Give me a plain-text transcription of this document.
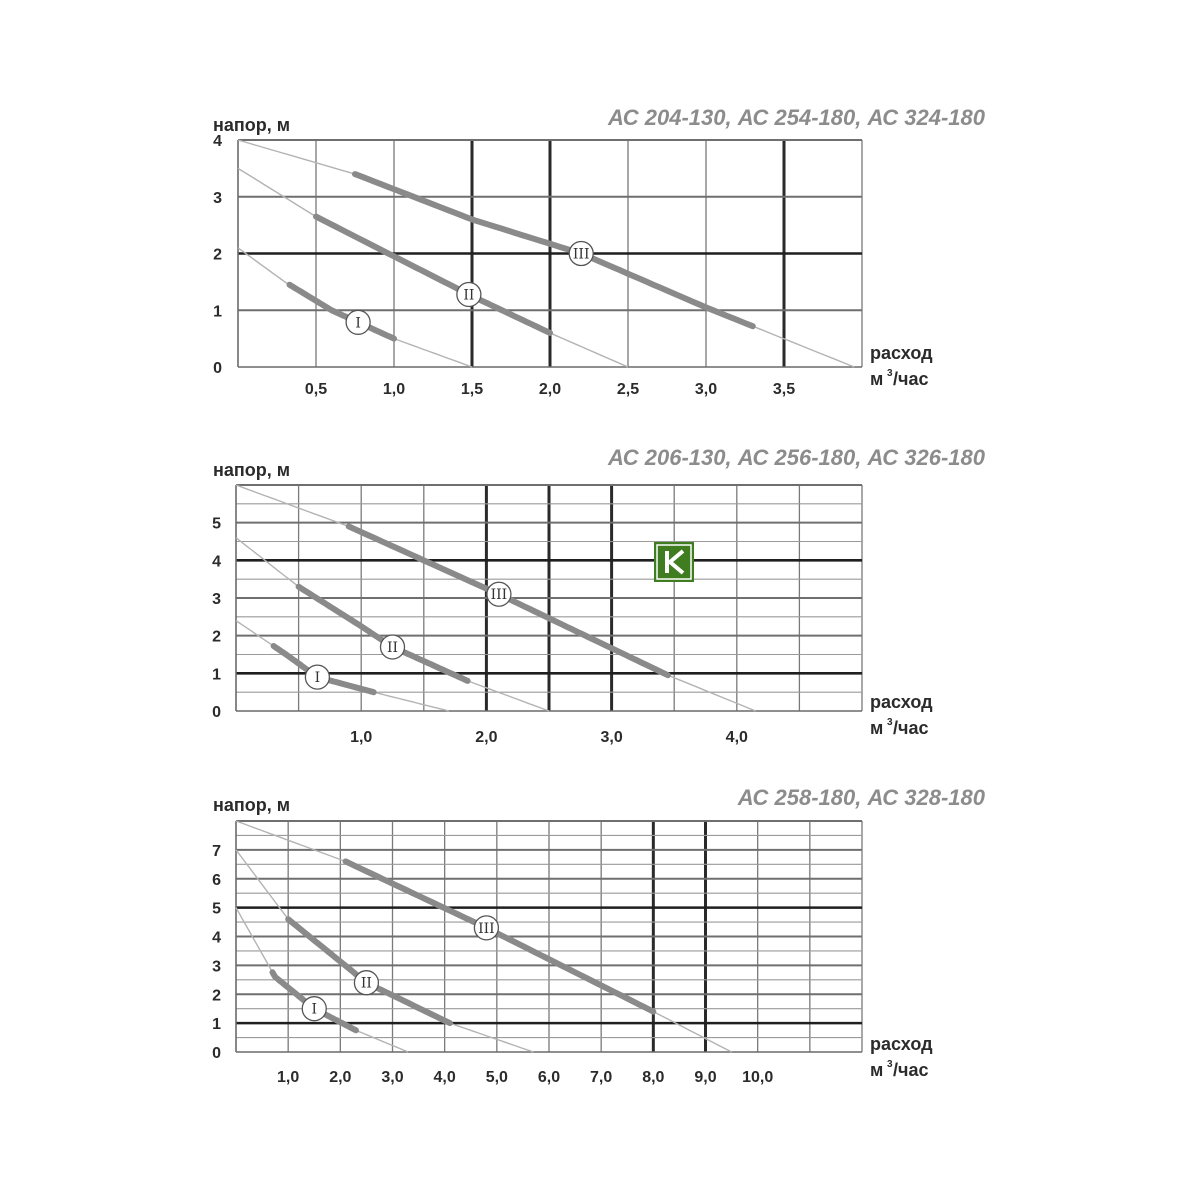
АС 204-130, АС 254-180, АС 324-180
напор, м
расход
м 3 /час
0,5	1,0	1,5	2,0	2,5	3,0	3,5
0
1
2
3
4
I
II
III
АС 206-130, АС 256-180, АС 326-180
напор, м
расход
м 3 /час
1,0	2,0	3,0	4,0
0
1
2
3
4
5
I
II
III
АС 258-180, АС 328-180
напор, м
расход
м 3 /час
1,0 2,0 3,0 4,0 5,0 6,0 7,0 8,0 9,0 10,0
0
1
2
3
4
5
6
7
I
II
III
